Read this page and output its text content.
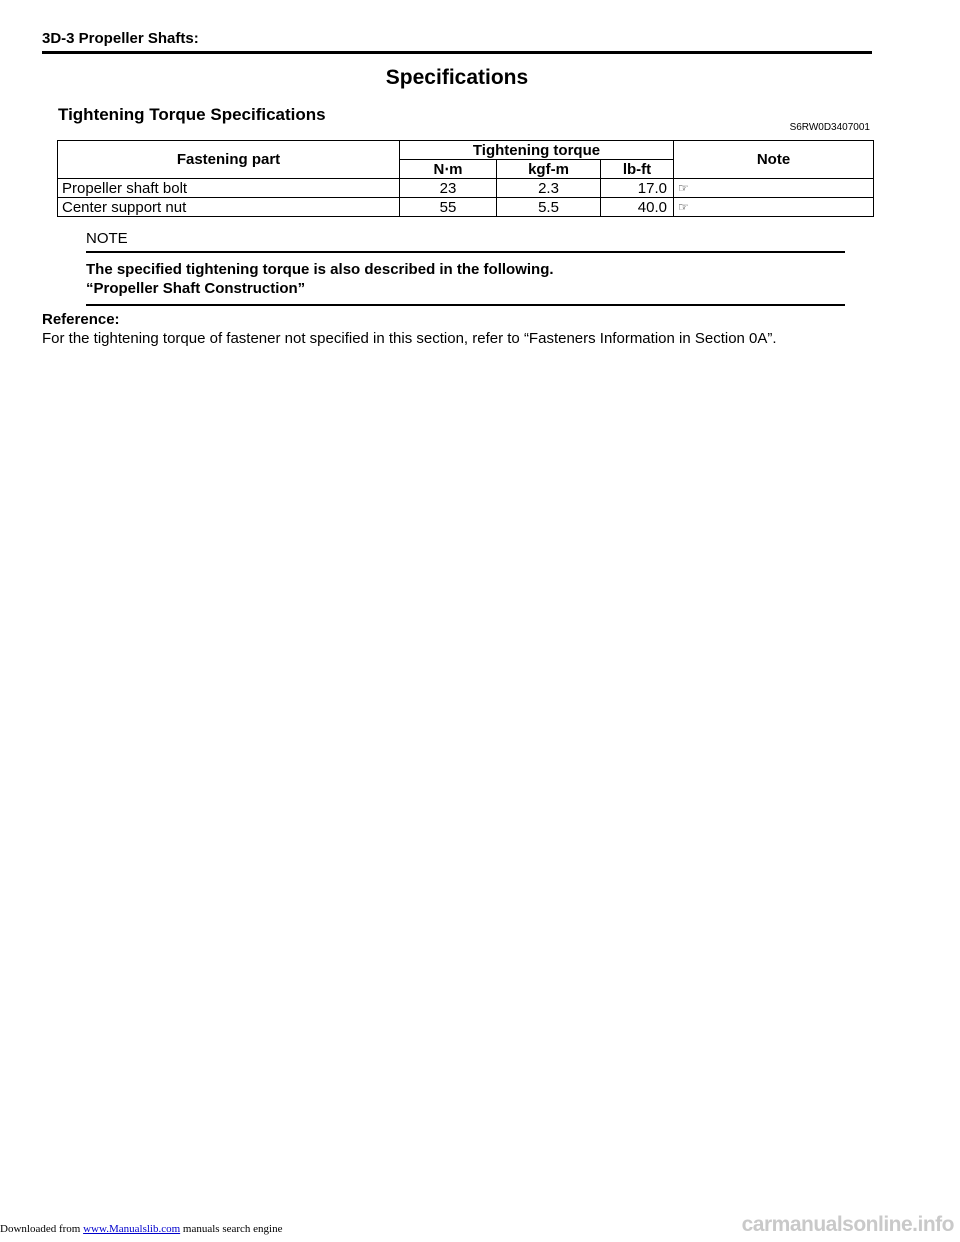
3D-3 Propeller Shafts:
Specifications
Tightening Torque Specifications
S6RW0D3407001
Fastening part	Tightening torque			Note
	N⋅m	kgf-m	lb-ft	
Propeller shaft bolt	23	2.3	17.0	☞
Center support nut	55	5.5	40.0	☞
NOTE
The specified tightening torque is also described in the following.
“Propeller Shaft Construction”
Reference:
For the tightening torque of fastener not specified in this section, refer to “Fasteners Information in Section 0A”.
Downloaded from www.Manualslib.com manuals search engine	carmanualsonline.info
